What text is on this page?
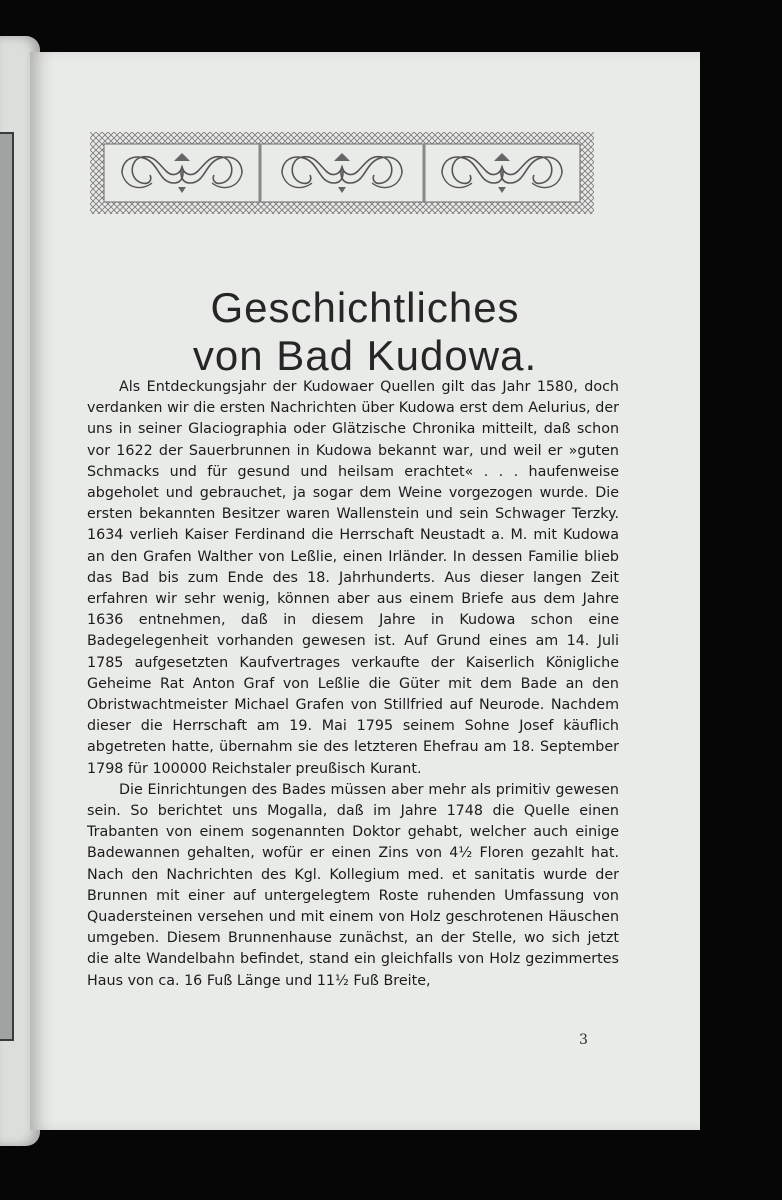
Geschichtliches
von Bad Kudowa.

Als Entdeckungsjahr der Kudowaer Quellen gilt das Jahr 1580, doch verdanken wir die ersten Nachrichten über Kudowa erst dem Aelurius, der uns in seiner Glaciographia oder Glätzische Chronika mitteilt, daß schon vor 1622 der Sauerbrunnen in Kudowa bekannt war, und weil er »guten Schmacks und für gesund und heilsam erachtet« . . . haufenweise abgeholet und gebrauchet, ja sogar dem Weine vorgezogen wurde. Die ersten bekannten Besitzer waren Wallenstein und sein Schwager Terzky. 1634 verlieh Kaiser Ferdinand die Herrschaft Neustadt a. M. mit Kudowa an den Grafen Walther von Leßlie, einen Irländer. In dessen Familie blieb das Bad bis zum Ende des 18. Jahrhunderts. Aus dieser langen Zeit erfahren wir sehr wenig, können aber aus einem Briefe aus dem Jahre 1636 entnehmen, daß in diesem Jahre in Kudowa schon eine Badegelegenheit vorhanden gewesen ist. Auf Grund eines am 14. Juli 1785 aufgesetzten Kaufvertrages verkaufte der Kaiserlich Königliche Geheime Rat Anton Graf von Leßlie die Güter mit dem Bade an den Obristwachtmeister Michael Grafen von Stillfried auf Neurode. Nachdem dieser die Herrschaft am 19. Mai 1795 seinem Sohne Josef käuflich abgetreten hatte, übernahm sie des letzteren Ehefrau am 18. September 1798 für 100000 Reichstaler preußisch Kurant.

Die Einrichtungen des Bades müssen aber mehr als primitiv gewesen sein. So berichtet uns Mogalla, daß im Jahre 1748 die Quelle einen Trabanten von einem sogenannten Doktor gehabt, welcher auch einige Badewannen gehalten, wofür er einen Zins von 4½ Floren gezahlt hat. Nach den Nachrichten des Kgl. Kollegium med. et sanitatis wurde der Brunnen mit einer auf untergelegtem Roste ruhenden Umfassung von Quadersteinen versehen und mit einem von Holz geschrotenen Häuschen umgeben. Diesem Brunnenhause zunächst, an der Stelle, wo sich jetzt die alte Wandelbahn befindet, stand ein gleichfalls von Holz gezimmertes Haus von ca. 16 Fuß Länge und 11½ Fuß Breite,

3
